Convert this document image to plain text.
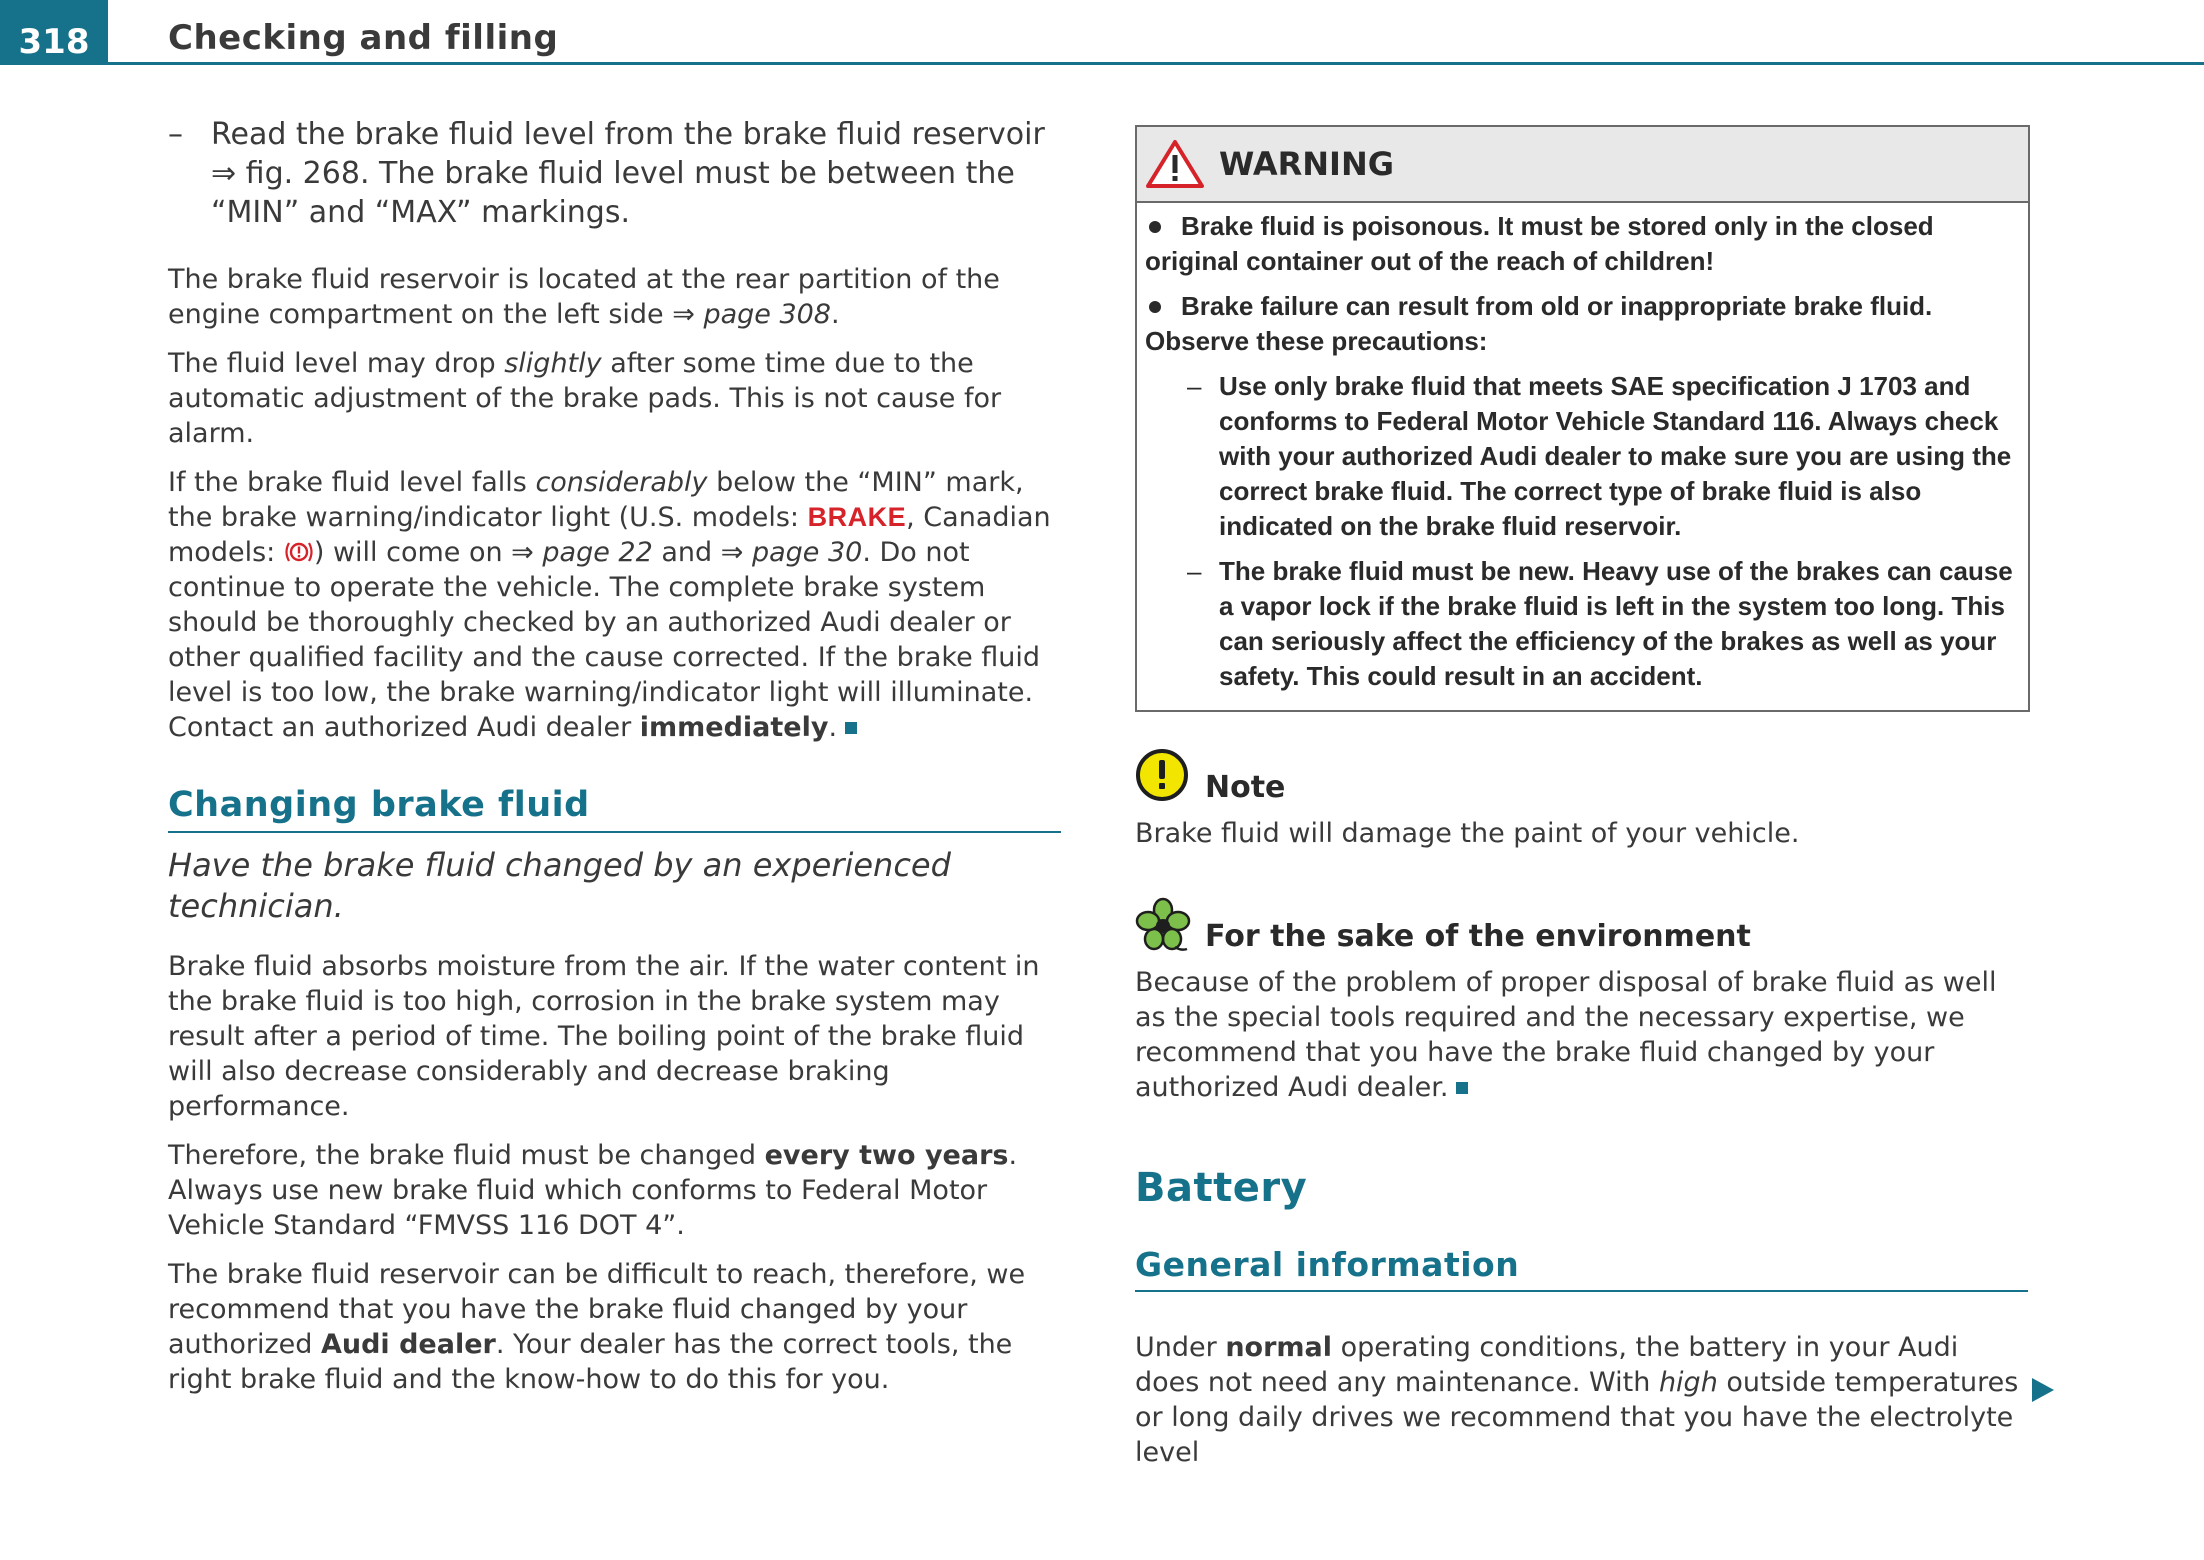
318	Checking and filling
– Read the brake fluid level from the brake fluid reservoir ⇒ fig. 268. The brake fluid level must be between the “MIN” and “MAX” markings.

The brake fluid reservoir is located at the rear partition of the engine compartment on the left side ⇒ page 308.

The fluid level may drop slightly after some time due to the automatic adjustment of the brake pads. This is not cause for alarm.

If the brake fluid level falls considerably below the “MIN” mark, the brake warning/indicator light (U.S. models: BRAKE, Canadian models: ) will come on ⇒ page 22 and ⇒ page 30. Do not continue to operate the vehicle. The complete brake system should be thoroughly checked by an authorized Audi dealer or other qualified facility and the cause corrected. If the brake fluid level is too low, the brake warning/indicator light will illuminate. Contact an authorized Audi dealer immediately.

Changing brake fluid
Have the brake fluid changed by an experienced technician.

Brake fluid absorbs moisture from the air. If the water content in the brake fluid is too high, corrosion in the brake system may result after a period of time. The boiling point of the brake fluid will also decrease considerably and decrease braking performance.

Therefore, the brake fluid must be changed every two years. Always use new brake fluid which conforms to Federal Motor Vehicle Standard “FMVSS 116 DOT 4”.

The brake fluid reservoir can be difficult to reach, therefore, we recommend that you have the brake fluid changed by your authorized Audi dealer. Your dealer has the correct tools, the right brake fluid and the know-how to do this for you.

WARNING
Brake fluid is poisonous. It must be stored only in the closed original container out of the reach of children!
Brake failure can result from old or inappropriate brake fluid. Observe these precautions:
– Use only brake fluid that meets SAE specification J 1703 and conforms to Federal Motor Vehicle Standard 116. Always check with your authorized Audi dealer to make sure you are using the correct brake fluid. The correct type of brake fluid is also indicated on the brake fluid reservoir.
– The brake fluid must be new. Heavy use of the brakes can cause a vapor lock if the brake fluid is left in the system too long. This can seriously affect the efficiency of the brakes as well as your safety. This could result in an accident.
Note

Brake fluid will damage the paint of your vehicle.

For the sake of the environment

Because of the problem of proper disposal of brake fluid as well as the special tools required and the necessary expertise, we recommend that you have the brake fluid changed by your authorized Audi dealer.

Battery
General information

Under normal operating conditions, the battery in your Audi does not need any maintenance. With high outside temperatures or long daily drives we recommend that you have the electrolyte level
